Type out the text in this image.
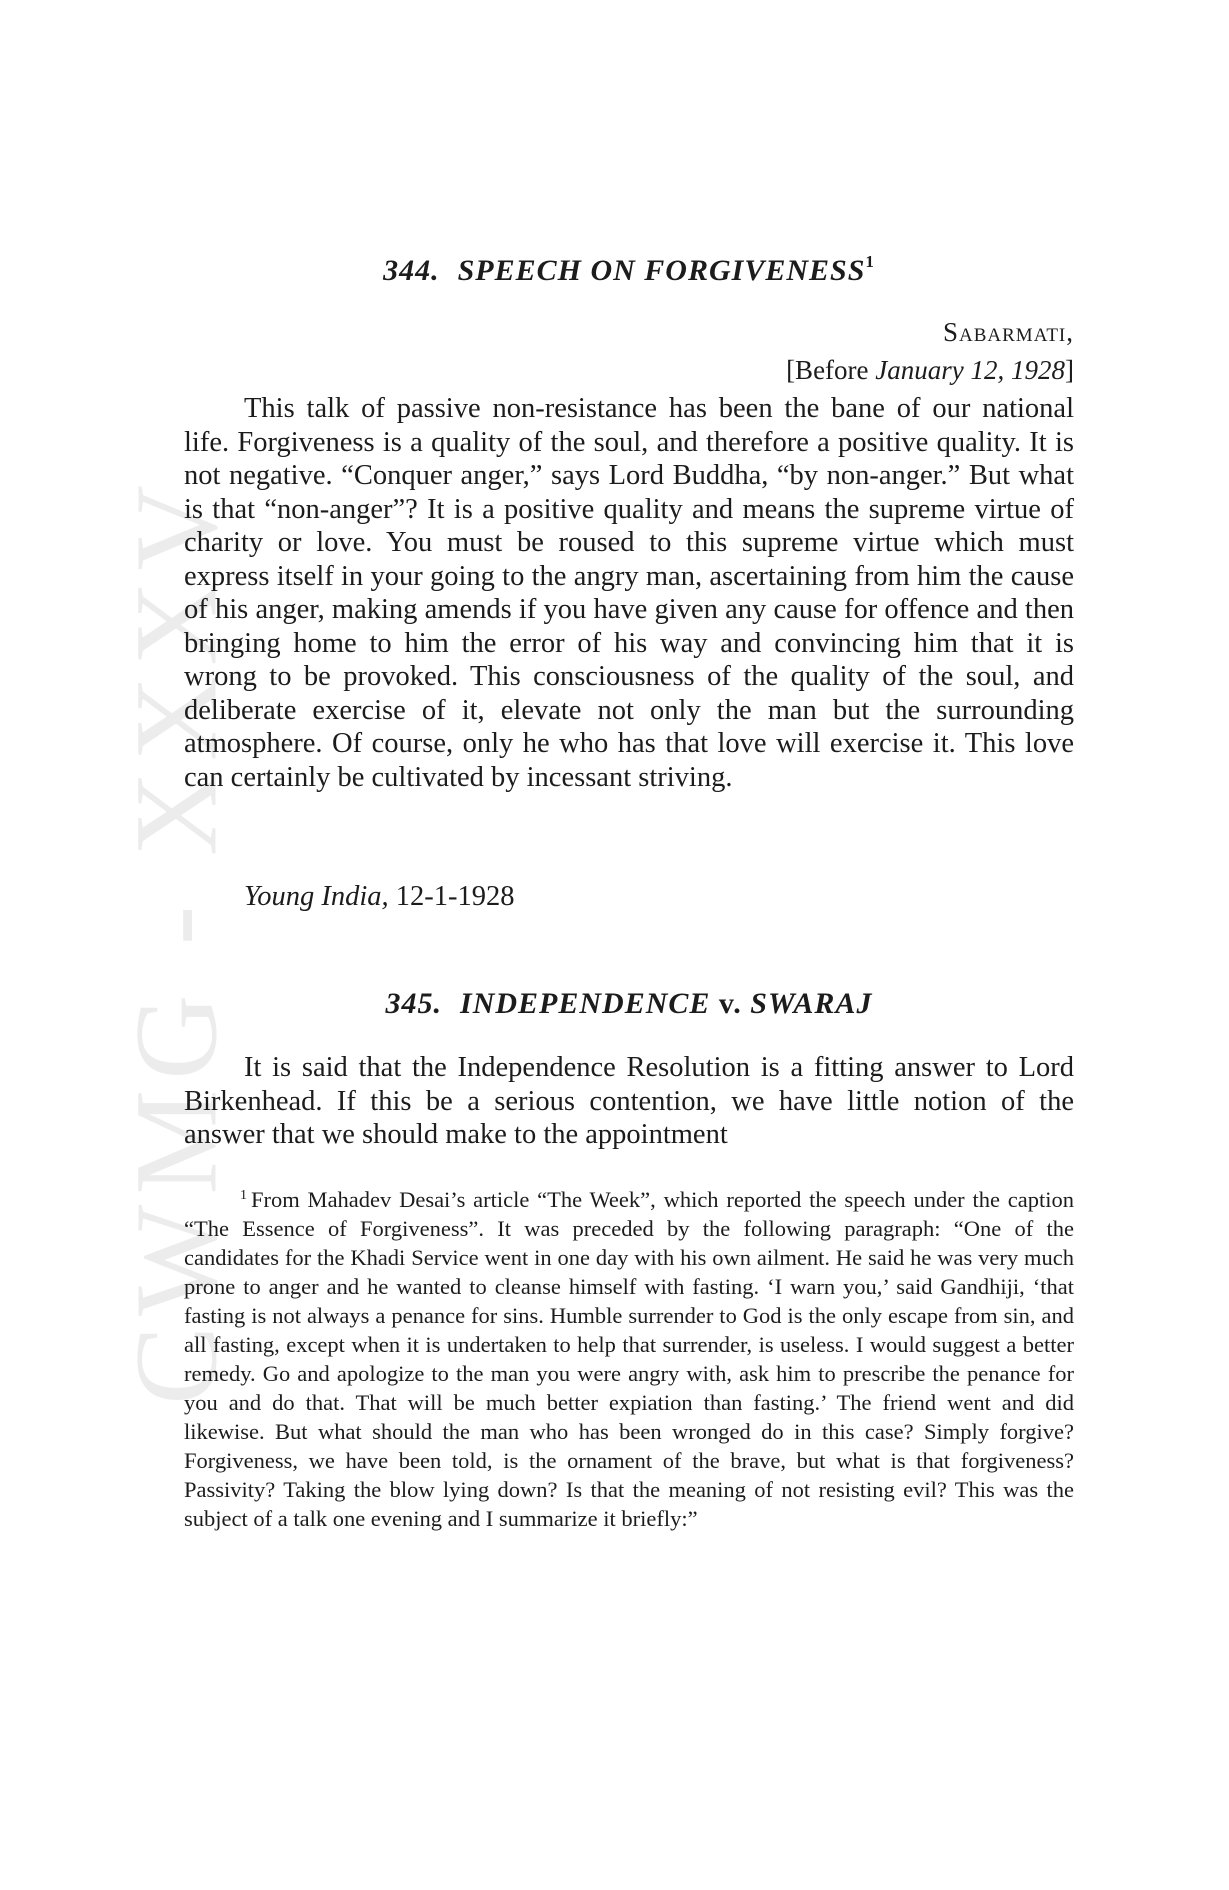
CWMG - XXXV
344. SPEECH ON FORGIVENESS$^1$

Sabarmati,

[Before January 12, 1928]

This talk of passive non-resistance has been the bane of our national life. Forgiveness is a quality of the soul, and therefore a positive quality. It is not negative. “Conquer anger,” says Lord Buddha, “by non-anger.” But what is that “non-anger”? It is a positive quality and means the supreme virtue of charity or love. You must be roused to this supreme virtue which must express itself in your going to the angry man, ascertaining from him the cause of his anger, making amends if you have given any cause for offence and then bringing home to him the error of his way and convincing him that it is wrong to be provoked. This consciousness of the quality of the soul, and deliberate exercise of it, elevate not only the man but the surrounding atmosphere. Of course, only he who has that love will exercise it. This love can certainly be cultivated by incessant striving.

Young India, 12-1-1928

345. INDEPENDENCE v. SWARAJ

It is said that the Independence Resolution is a fitting answer to Lord Birkenhead. If this be a serious contention, we have little notion of the answer that we should make to the appointment

$^1$ From Mahadev Desai’s article “The Week”, which reported the speech under the caption “The Essence of Forgiveness”. It was preceded by the following paragraph: “One of the candidates for the Khadi Service went in one day with his own ailment. He said he was very much prone to anger and he wanted to cleanse himself with fasting. ‘I warn you,’ said Gandhiji, ‘that fasting is not always a penance for sins. Humble surrender to God is the only escape from sin, and all fasting, except when it is undertaken to help that surrender, is useless. I would suggest a better remedy. Go and apologize to the man you were angry with, ask him to prescribe the penance for you and do that. That will be much better expiation than fasting.’ The friend went and did likewise. But what should the man who has been wronged do in this case? Simply forgive? Forgiveness, we have been told, is the ornament of the brave, but what is that forgiveness? Passivity? Taking the blow lying down? Is that the meaning of not resisting evil? This was the subject of a talk one evening and I summarize it briefly:”
